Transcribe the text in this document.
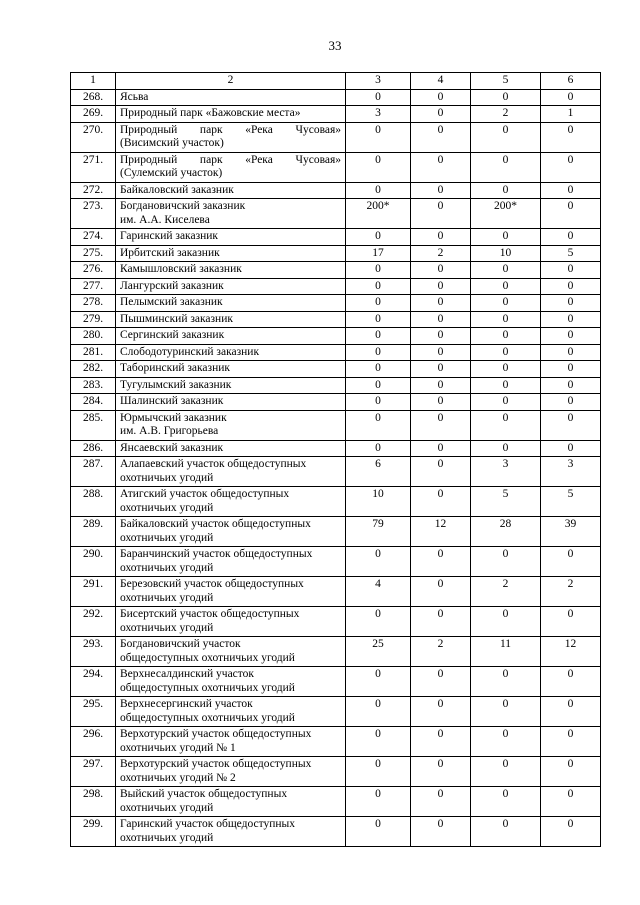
33
1	2	3	4	5	6
268.	Ясьва	0	0	0	0
269.	Природный парк «Бажовские места»	3	0	2	1
270.	Природный парк «Река Чусовая»
(Висимский участок)	0	0	0	0
271.	Природный парк «Река Чусовая»
(Сулемский участок)	0	0	0	0
272.	Байкаловский заказник	0	0	0	0
273.	Богдановичский заказник
им. А.А. Киселева	200*	0	200*	0
274.	Гаринский заказник	0	0	0	0
275.	Ирбитский заказник	17	2	10	5
276.	Камышловский заказник	0	0	0	0
277.	Лангурский заказник	0	0	0	0
278.	Пелымский заказник	0	0	0	0
279.	Пышминский заказник	0	0	0	0
280.	Сергинский заказник	0	0	0	0
281.	Слободотуринский заказник	0	0	0	0
282.	Таборинский заказник	0	0	0	0
283.	Тугулымский заказник	0	0	0	0
284.	Шалинский заказник	0	0	0	0
285.	Юрмычский заказник
им. А.В. Григорьева	0	0	0	0
286.	Янсаевский заказник	0	0	0	0
287.	Алапаевский участок общедоступных
охотничьих угодий	6	0	3	3
288.	Атигский участок общедоступных
охотничьих угодий	10	0	5	5
289.	Байкаловский участок общедоступных
охотничьих угодий	79	12	28	39
290.	Баранчинский участок общедоступных
охотничьих угодий	0	0	0	0
291.	Березовский участок общедоступных
охотничьих угодий	4	0	2	2
292.	Бисертский участок общедоступных
охотничьих угодий	0	0	0	0
293.	Богдановичский участок
общедоступных охотничьих угодий	25	2	11	12
294.	Верхнесалдинский участок
общедоступных охотничьих угодий	0	0	0	0
295.	Верхнесергинский участок
общедоступных охотничьих угодий	0	0	0	0
296.	Верхотурский участок общедоступных
охотничьих угодий № 1	0	0	0	0
297.	Верхотурский участок общедоступных
охотничьих угодий № 2	0	0	0	0
298.	Выйский участок общедоступных
охотничьих угодий	0	0	0	0
299.	Гаринский участок общедоступных
охотничьих угодий	0	0	0	0
